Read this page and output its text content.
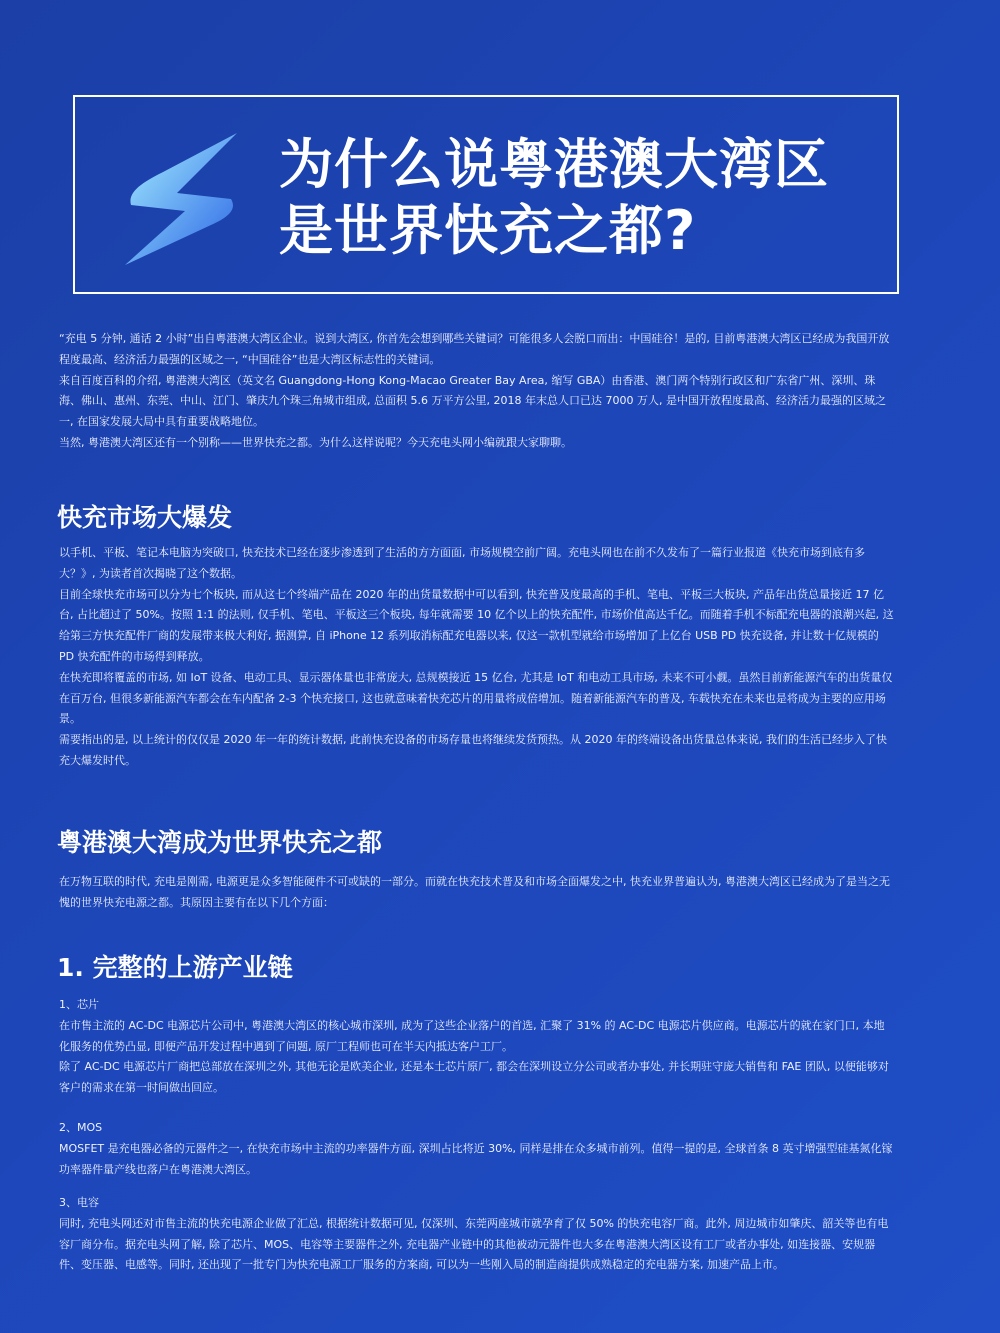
为什么说粤港澳大湾区
是世界快充之都?

“充电 5 分钟, 通话 2 小时”出自粤港澳大湾区企业。说到大湾区, 你首先会想到哪些关键词？可能很多人会脱口而出：中国硅谷！是的, 目前粤港澳大湾区已经成为我国开放程度最高、经济活力最强的区域之一, “中国硅谷”也是大湾区标志性的关键词。

来自百度百科的介绍, 粤港澳大湾区（英文名 Guangdong-Hong Kong-Macao Greater Bay Area, 缩写 GBA）由香港、澳门两个特别行政区和广东省广州、深圳、珠海、佛山、惠州、东莞、中山、江门、肇庆九个珠三角城市组成, 总面积 5.6 万平方公里, 2018 年末总人口已达 7000 万人, 是中国开放程度最高、经济活力最强的区域之一, 在国家发展大局中具有重要战略地位。

当然, 粤港澳大湾区还有一个别称——世界快充之都。为什么这样说呢？今天充电头网小编就跟大家聊聊。

快充市场大爆发

以手机、平板、笔记本电脑为突破口, 快充技术已经在逐步渗透到了生活的方方面面, 市场规模空前广阔。充电头网也在前不久发布了一篇行业报道《快充市场到底有多大？》, 为读者首次揭晓了这个数据。

目前全球快充市场可以分为七个板块, 而从这七个终端产品在 2020 年的出货量数据中可以看到, 快充普及度最高的手机、笔电、平板三大板块, 产品年出货总量接近 17 亿台, 占比超过了 50%。按照 1:1 的法则, 仅手机、笔电、平板这三个板块, 每年就需要 10 亿个以上的快充配件, 市场价值高达千亿。而随着手机不标配充电器的浪潮兴起, 这给第三方快充配件厂商的发展带来极大利好, 据测算, 自 iPhone 12 系列取消标配充电器以来, 仅这一款机型就给市场增加了上亿台 USB PD 快充设备, 并让数十亿规模的 PD 快充配件的市场得到释放。

在快充即将覆盖的市场, 如 IoT 设备、电动工具、显示器体量也非常庞大, 总规模接近 15 亿台, 尤其是 IoT 和电动工具市场, 未来不可小觑。虽然目前新能源汽车的出货量仅在百万台, 但很多新能源汽车都会在车内配备 2-3 个快充接口, 这也就意味着快充芯片的用量将成倍增加。随着新能源汽车的普及, 车载快充在未来也是将成为主要的应用场景。

需要指出的是, 以上统计的仅仅是 2020 年一年的统计数据, 此前快充设备的市场存量也将继续发货预热。从 2020 年的终端设备出货量总体来说, 我们的生活已经步入了快充大爆发时代。

粤港澳大湾成为世界快充之都

在万物互联的时代, 充电是刚需, 电源更是众多智能硬件不可或缺的一部分。而就在快充技术普及和市场全面爆发之中, 快充业界普遍认为, 粤港澳大湾区已经成为了是当之无愧的世界快充电源之都。其原因主要有在以下几个方面：

1. 完整的上游产业链

1、芯片

在市售主流的 AC-DC 电源芯片公司中, 粤港澳大湾区的核心城市深圳, 成为了这些企业落户的首选, 汇聚了 31% 的 AC-DC 电源芯片供应商。电源芯片的就在家门口, 本地化服务的优势凸显, 即便产品开发过程中遇到了问题, 原厂工程师也可在半天内抵达客户工厂。

除了 AC-DC 电源芯片厂商把总部放在深圳之外, 其他无论是欧美企业, 还是本土芯片原厂, 都会在深圳设立分公司或者办事处, 并长期驻守庞大销售和 FAE 团队, 以便能够对客户的需求在第一时间做出回应。

2、MOS

MOSFET 是充电器必备的元器件之一, 在快充市场中主流的功率器件方面, 深圳占比将近 30%, 同样是排在众多城市前列。值得一提的是, 全球首条 8 英寸增强型硅基氮化镓功率器件量产线也落户在粤港澳大湾区。

3、电容

同时, 充电头网还对市售主流的快充电源企业做了汇总, 根据统计数据可见, 仅深圳、东莞两座城市就孕育了仅 50% 的快充电容厂商。此外, 周边城市如肇庆、韶关等也有电容厂商分布。据充电头网了解, 除了芯片、MOS、电容等主要器件之外, 充电器产业链中的其他被动元器件也大多在粤港澳大湾区设有工厂或者办事处, 如连接器、安规器件、变压器、电感等。同时, 还出现了一批专门为快充电源工厂服务的方案商, 可以为一些刚入局的制造商提供成熟稳定的充电器方案, 加速产品上市。
